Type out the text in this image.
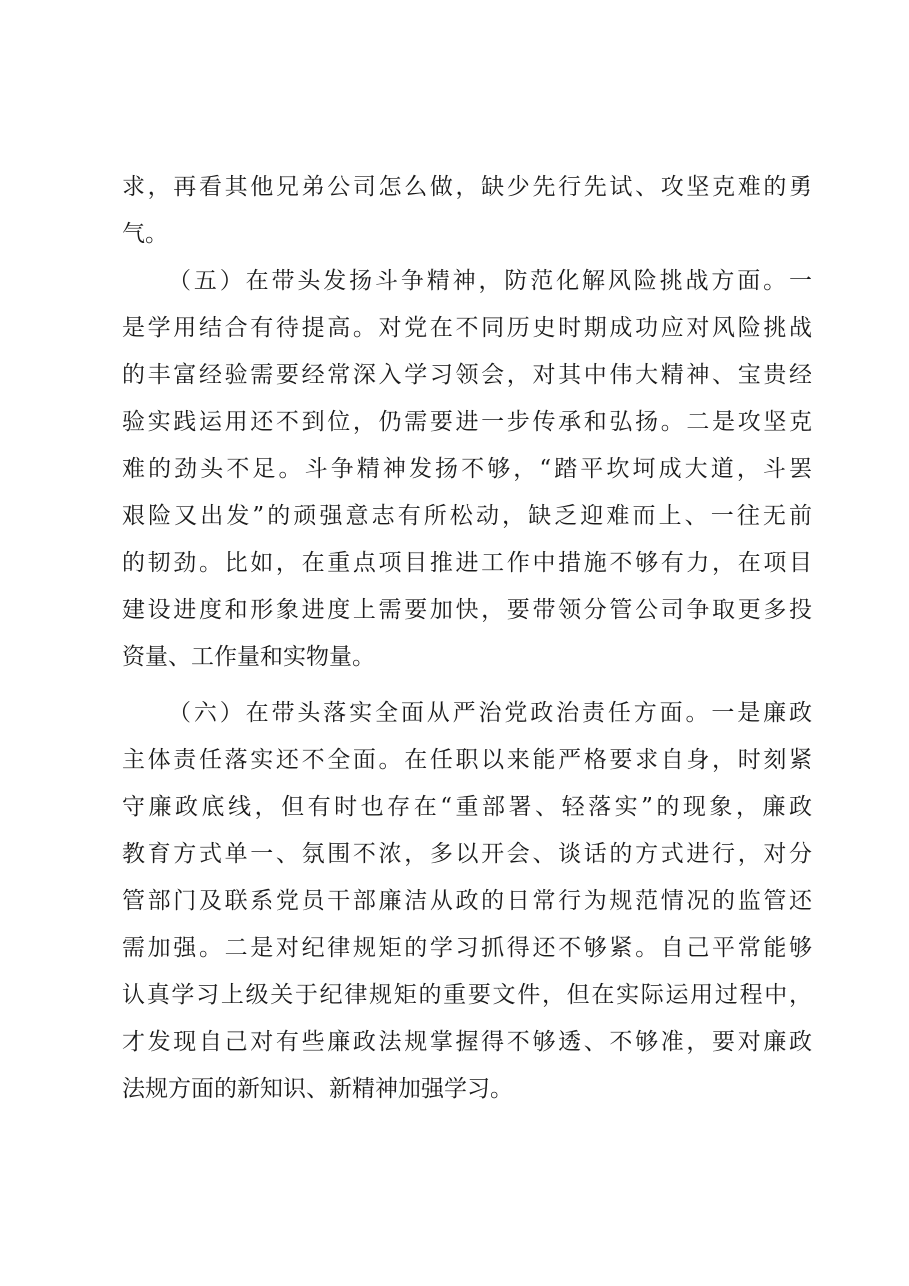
求，再看其他兄弟公司怎么做，缺少先行先试、攻坚克难的勇
气。
（五）在带头发扬斗争精神，防范化解风险挑战方面。一
是学用结合有待提高。对党在不同历史时期成功应对风险挑战
的丰富经验需要经常深入学习领会，对其中伟大精神、宝贵经
验实践运用还不到位，仍需要进一步传承和弘扬。二是攻坚克
难的劲头不足。斗争精神发扬不够，“踏平坎坷成大道，斗罢
艰险又出发”的顽强意志有所松动，缺乏迎难而上、一往无前
的韧劲。比如，在重点项目推进工作中措施不够有力，在项目
建设进度和形象进度上需要加快，要带领分管公司争取更多投
资量、工作量和实物量。
（六）在带头落实全面从严治党政治责任方面。一是廉政
主体责任落实还不全面。在任职以来能严格要求自身，时刻紧
守廉政底线，但有时也存在“重部署、轻落实”的现象，廉政
教育方式单一、氛围不浓，多以开会、谈话的方式进行，对分
管部门及联系党员干部廉洁从政的日常行为规范情况的监管还
需加强。二是对纪律规矩的学习抓得还不够紧。自己平常能够
认真学习上级关于纪律规矩的重要文件，但在实际运用过程中，
才发现自己对有些廉政法规掌握得不够透、不够准，要对廉政
法规方面的新知识、新精神加强学习。
